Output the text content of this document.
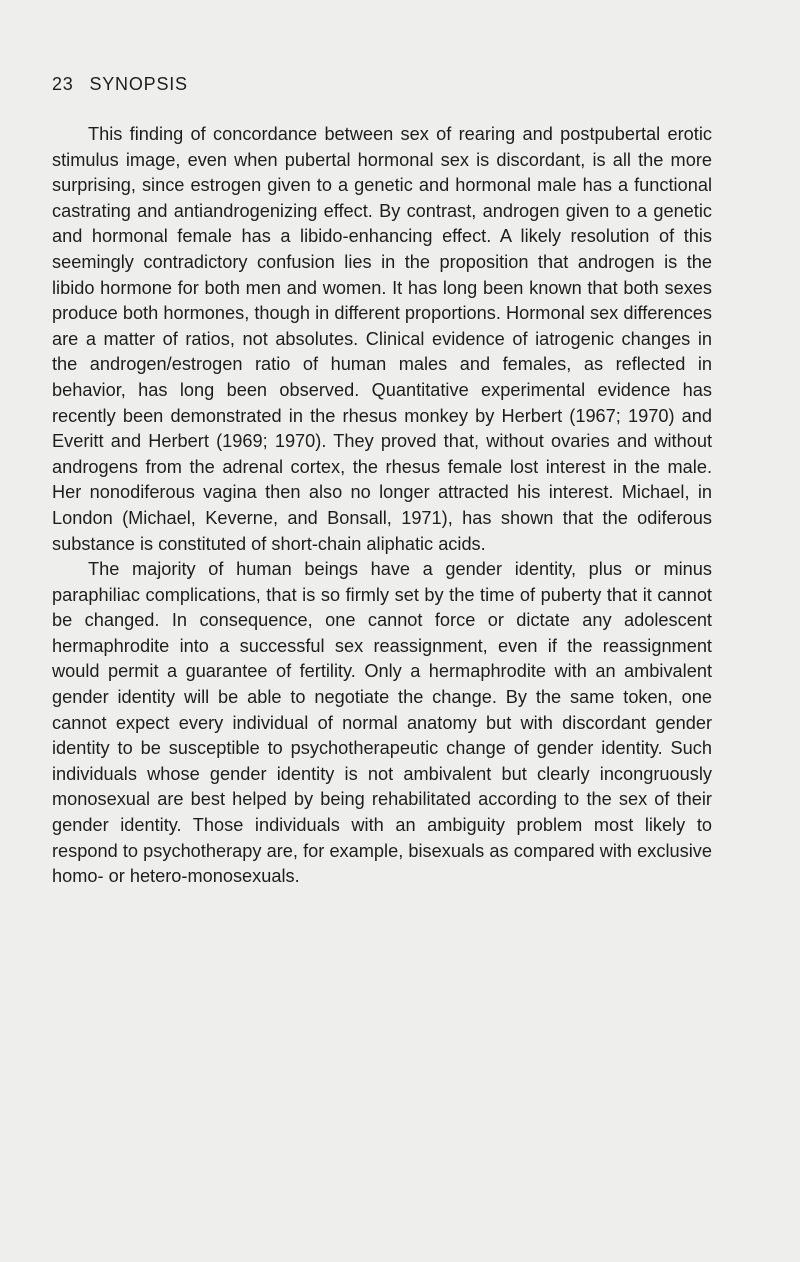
23 SYNOPSIS

This finding of concordance between sex of rearing and postpubertal erotic stimulus image, even when pubertal hormonal sex is discordant, is all the more surprising, since estrogen given to a genetic and hormonal male has a functional castrating and antiandrogenizing effect. By contrast, androgen given to a genetic and hormonal female has a libido-enhancing effect. A likely resolution of this seemingly contradictory confusion lies in the proposition that androgen is the libido hormone for both men and women. It has long been known that both sexes produce both hormones, though in different proportions. Hormonal sex differences are a matter of ratios, not absolutes. Clinical evidence of iatrogenic changes in the androgen/estrogen ratio of human males and females, as reflected in behavior, has long been observed. Quantitative experimental evidence has recently been demonstrated in the rhesus monkey by Herbert (1967; 1970) and Everitt and Herbert (1969; 1970). They proved that, without ovaries and without androgens from the adrenal cortex, the rhesus female lost interest in the male. Her nonodiferous vagina then also no longer attracted his interest. Michael, in London (Michael, Keverne, and Bonsall, 1971), has shown that the odiferous substance is constituted of short-chain aliphatic acids.

The majority of human beings have a gender identity, plus or minus paraphiliac complications, that is so firmly set by the time of puberty that it cannot be changed. In consequence, one cannot force or dictate any adolescent hermaphrodite into a successful sex reassignment, even if the reassignment would permit a guarantee of fertility. Only a hermaphrodite with an ambivalent gender identity will be able to negotiate the change. By the same token, one cannot expect every individual of normal anatomy but with discordant gender identity to be susceptible to psychotherapeutic change of gender identity. Such individuals whose gender identity is not ambivalent but clearly incongruously monosexual are best helped by being rehabilitated according to the sex of their gender identity. Those individuals with an ambiguity problem most likely to respond to psychotherapy are, for example, bisexuals as compared with exclusive homo- or hetero-monosexuals.
